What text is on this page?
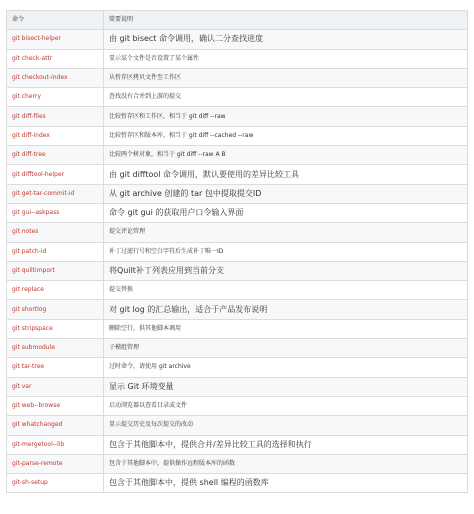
命令	简要说明
git bisect-helper	由 git bisect 命令调用，确认二分查找进度
git check-attr	显示某个文件是否设置了某个属性
git checkout-index	从暂存区拷贝文件至工作区
git cherry	查找没有合并到上游的提交
git diff-files	比较暂存区和工作区，相当于 git diff --raw
git diff-index	比较暂存区和版本库，相当于 git diff --cached --raw
git diff-tree	比较两个树对象，相当于 git diff --raw A B
git difftool-helper	由 git difftool 命令调用，默认要使用的差异比较工具
git get-tar-commit-id	从 git archive 创建的 tar 包中提取提交ID
git gui--askpass	命令 git gui 的获取用户口令输入界面
git notes	提交评论管理
git patch-id	补丁过滤行号和空白字符后生成补丁唯一ID
git quiltimport	将Quilt补丁列表应用到当前分支
git replace	提交替换
git shortlog	对 git log 的汇总输出，适合于产品发布说明
git stripspace	删除空行，供其他脚本调用
git submodule	子模组管理
git tar-tree	过时命令，请使用 git archive
git var	显示 Git 环境变量
git web--browse	启动浏览器以查看目录或文件
git whatchanged	显示提交历史及每次提交的改动
git-mergetool--lib	包含于其他脚本中，提供合并/差异比较工具的选择和执行
git-parse-remote	包含于其他脚本中，提供操作远程版本库的函数
git-sh-setup	包含于其他脚本中，提供 shell 编程的函数库
